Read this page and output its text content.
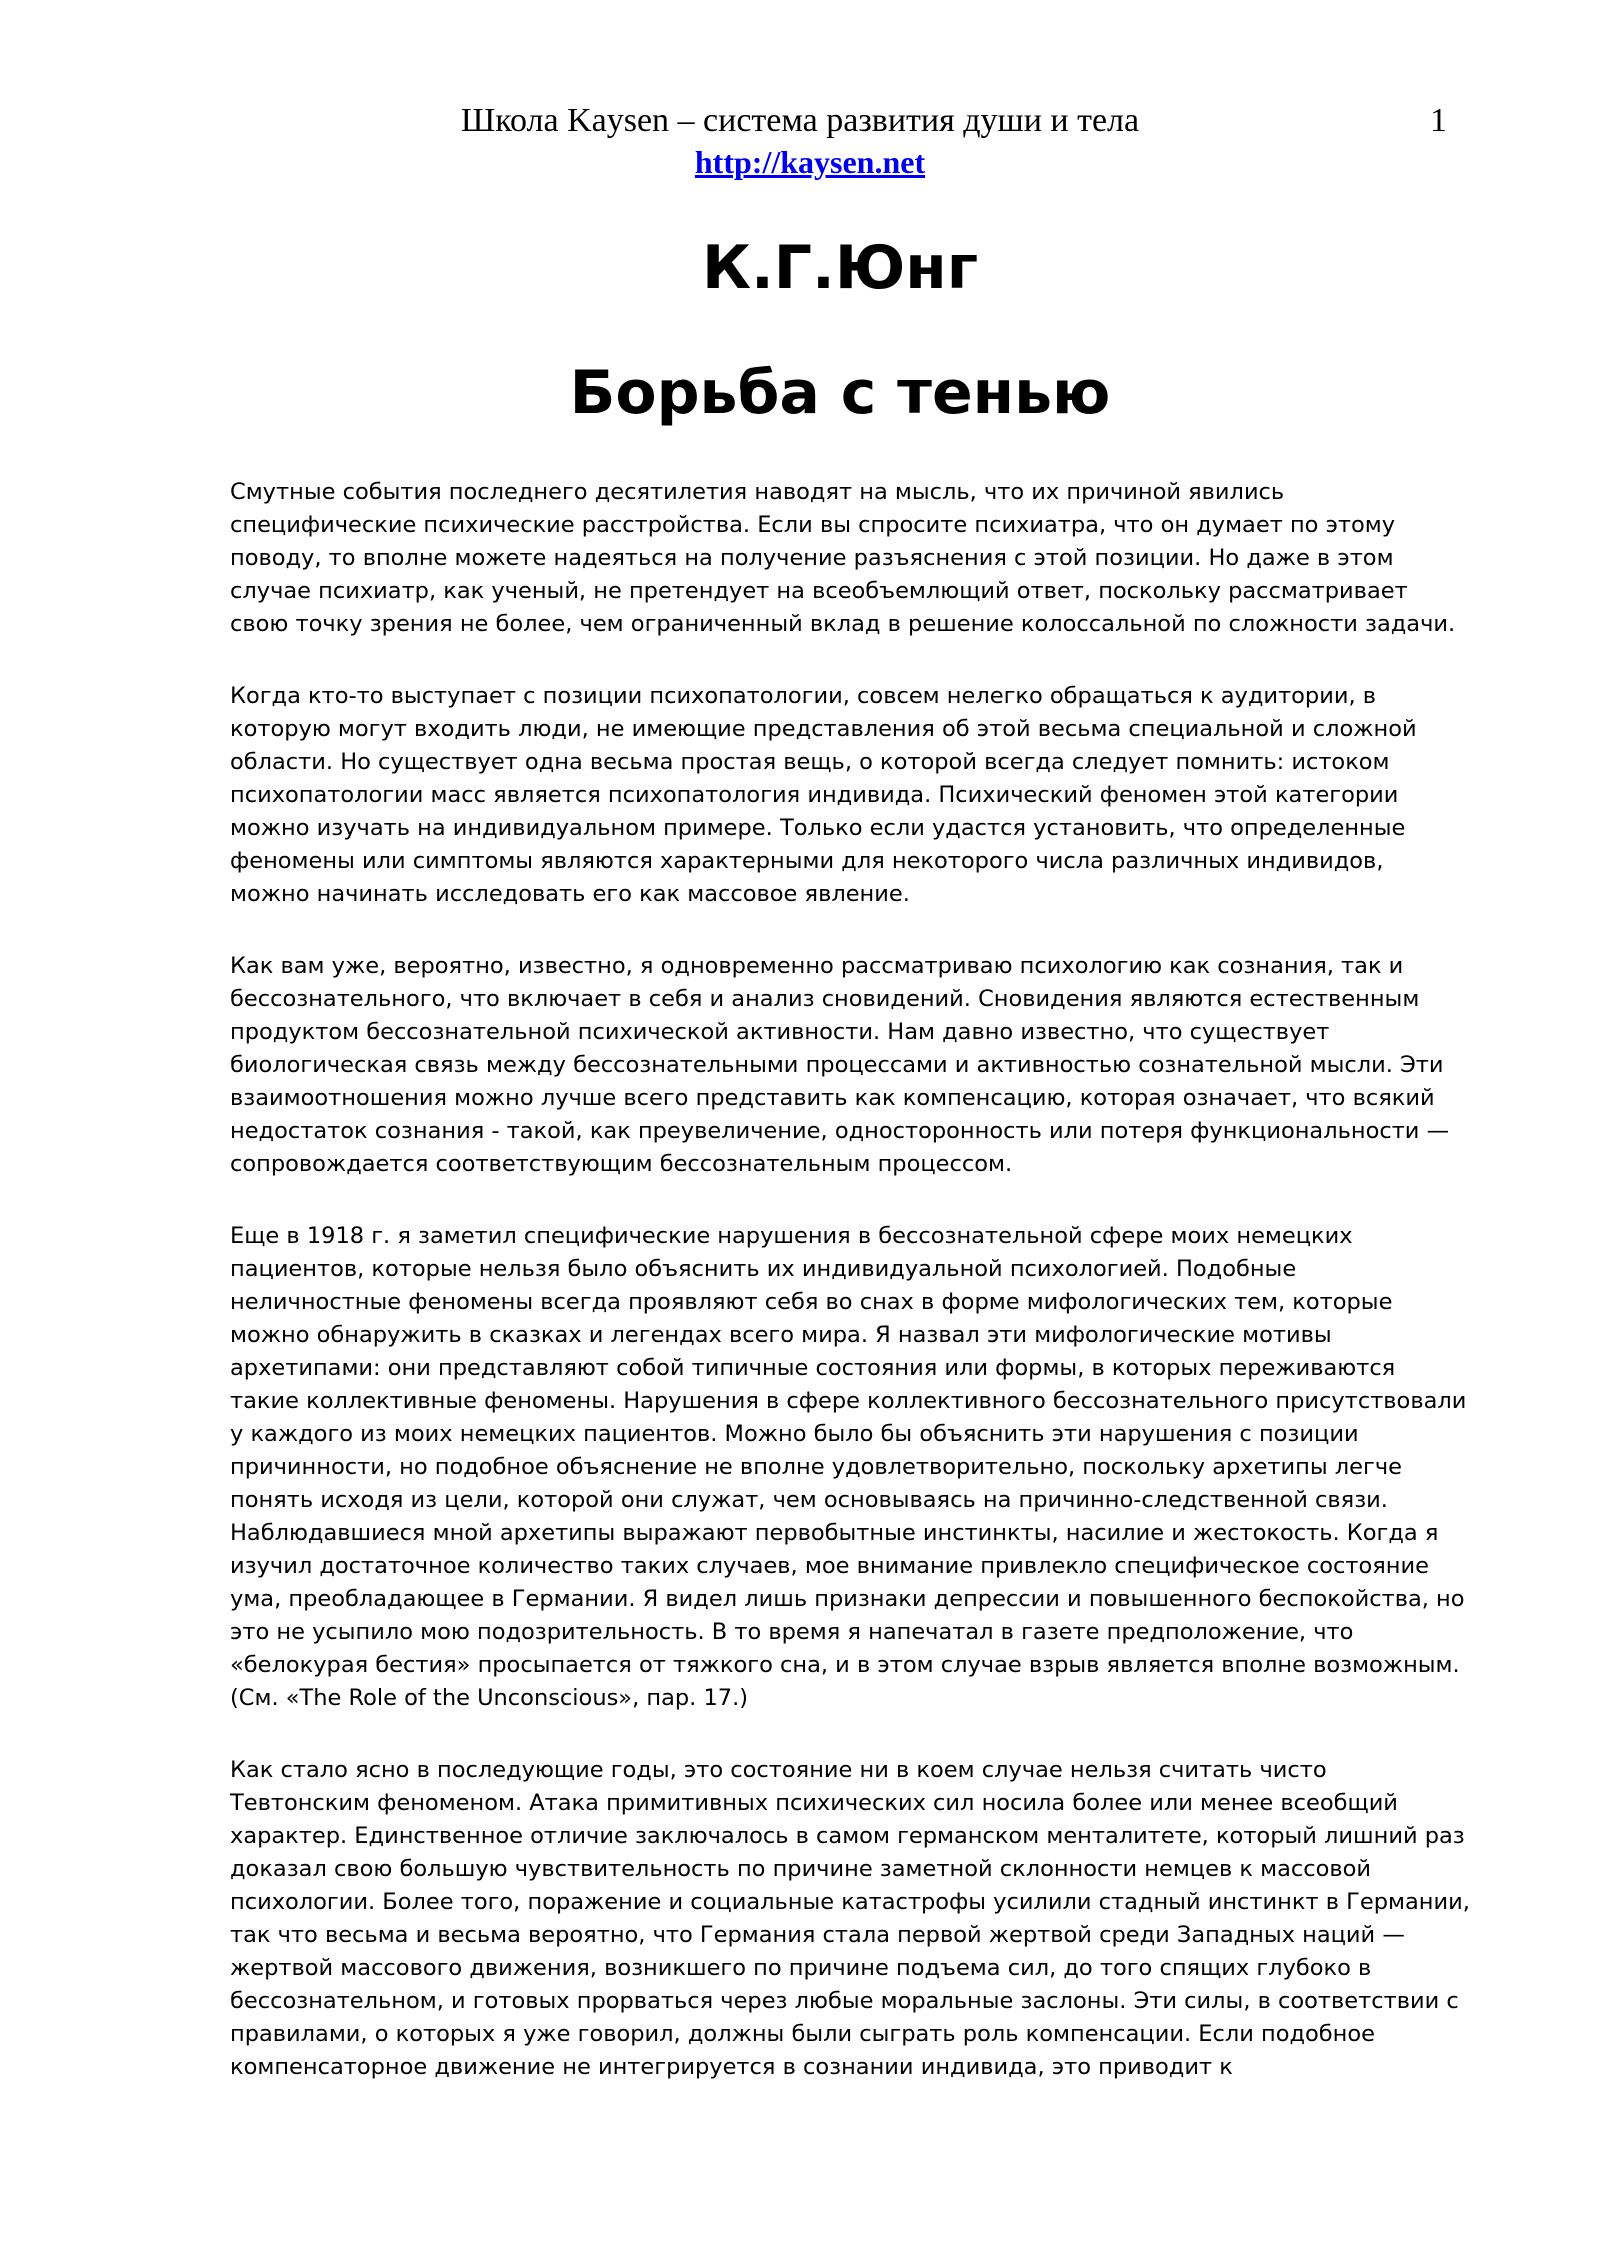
Школа Kaysen – система развития души и тела
http://kaysen.net
1
К.Г.Юнг
Борьба с тенью

Смутные события последнего десятилетия наводят на мысль, что их причиной явились специфические психические расстройства. Если вы спросите психиатра, что он думает по этому поводу, то вполне можете надеяться на получение разъяснения с этой позиции. Но даже в этом случае психиатр, как ученый, не претендует на всеобъемлющий ответ, поскольку рассматривает свою точку зрения не более, чем ограниченный вклад в решение колоссальной по сложности задачи.

Когда кто-то выступает с позиции психопатологии, совсем нелегко обращаться к аудитории, в которую могут входить люди, не имеющие представления об этой весьма специальной и сложной области. Но существует одна весьма простая вещь, о которой всегда следует помнить: истоком психопатологии масс является психопатология индивида. Психический феномен этой категории можно изучать на индивидуальном примере. Только если удастся установить, что определенные феномены или симптомы являются характерными для некоторого числа различных индивидов, можно начинать исследовать его как массовое явление.

Как вам уже, вероятно, известно, я одновременно рассматриваю психологию как сознания, так и бессознательного, что включает в себя и анализ сновидений. Сновидения являются естественным продуктом бессознательной психической активности. Нам давно известно, что существует биологическая связь между бессознательными процессами и активностью сознательной мысли. Эти взаимоотношения можно лучше всего представить как компенсацию, которая означает, что всякий недостаток сознания - такой, как преувеличение, односторонность или потеря функциональности — сопровождается соответствующим бессознательным процессом.

Еще в 1918 г. я заметил специфические нарушения в бессознательной сфере моих немецких пациентов, которые нельзя было объяснить их индивидуальной психологией. Подобные неличностные феномены всегда проявляют себя во снах в форме мифологических тем, которые можно обнаружить в сказках и легендах всего мира. Я назвал эти мифологические мотивы архетипами: они представляют собой типичные состояния или формы, в которых переживаются такие коллективные феномены. Нарушения в сфере коллективного бессознательного присутствовали у каждого из моих немецких пациентов. Можно было бы объяснить эти нарушения с позиции причинности, но подобное объяснение не вполне удовлетворительно, поскольку архетипы легче понять исходя из цели, которой они служат, чем основываясь на причинно-следственной связи. Наблюдавшиеся мной архетипы выражают первобытные инстинкты, насилие и жестокость. Когда я изучил достаточное количество таких случаев, мое внимание привлекло специфическое состояние ума, преобладающее в Германии. Я видел лишь признаки депрессии и повышенного беспокойства, но это не усыпило мою подозрительность. В то время я напечатал в газете предположение, что «белокурая бестия» просыпается от тяжкого сна, и в этом случае взрыв является вполне возможным. (См. «The Role of the Unconscious», пар. 17.)

Как стало ясно в последующие годы, это состояние ни в коем случае нельзя считать чисто Тевтонским феноменом. Атака примитивных психических сил носила более или менее всеобщий характер. Единственное отличие заключалось в самом германском менталитете, который лишний раз доказал свою большую чувствительность по причине заметной склонности немцев к массовой психологии. Более того, поражение и социальные катастрофы усилили стадный инстинкт в Германии, так что весьма и весьма вероятно, что Германия стала первой жертвой среди Западных наций — жертвой массового движения, возникшего по причине подъема сил, до того спящих глубоко в бессознательном, и готовых прорваться через любые моральные заслоны. Эти силы, в соответствии с правилами, о которых я уже говорил, должны были сыграть роль компенсации. Если подобное компенсаторное движение не интегрируется в сознании индивида, это приводит к
